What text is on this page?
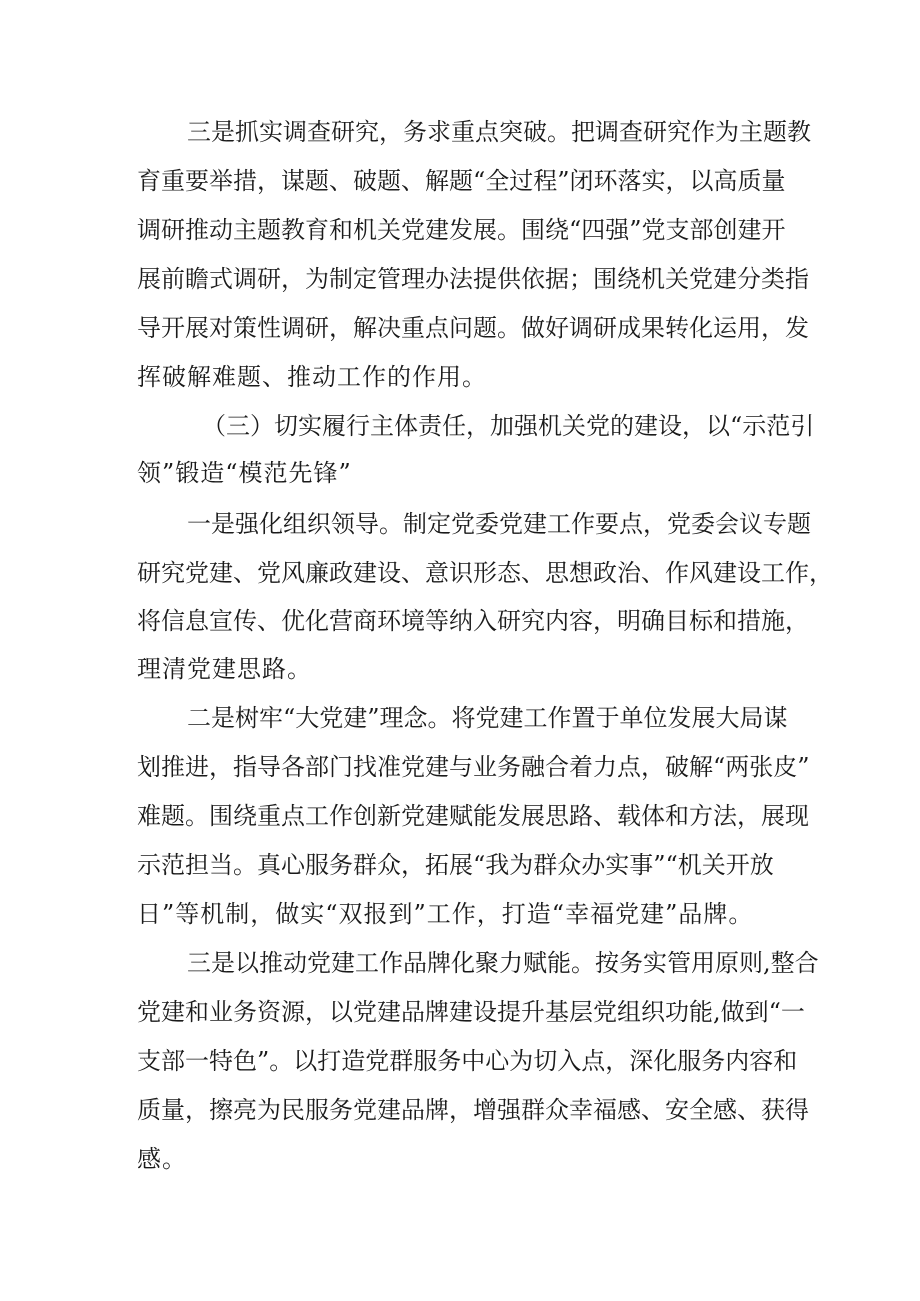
三是抓实调查研究，务求重点突破。把调查研究作为主题教
育重要举措，谋题、破题、解题“全过程”闭环落实，以高质量
调研推动主题教育和机关党建发展。围绕“四强”党支部创建开
展前瞻式调研，为制定管理办法提供依据；围绕机关党建分类指
导开展对策性调研，解决重点问题。做好调研成果转化运用，发
挥破解难题、推动工作的作用。
（三）切实履行主体责任，加强机关党的建设，以“示范引
领”锻造“模范先锋”
一是强化组织领导。制定党委党建工作要点，党委会议专题
研究党建、党风廉政建设、意识形态、思想政治、作风建设工作，
将信息宣传、优化营商环境等纳入研究内容，明确目标和措施，
理清党建思路。
二是树牢“大党建”理念。将党建工作置于单位发展大局谋
划推进，指导各部门找准党建与业务融合着力点，破解“两张皮”
难题。围绕重点工作创新党建赋能发展思路、载体和方法，展现
示范担当。真心服务群众，拓展“我为群众办实事”“机关开放
日”等机制，做实“双报到”工作，打造“幸福党建”品牌。
三是以推动党建工作品牌化聚力赋能。按务实管用原则,整合
党建和业务资源，以党建品牌建设提升基层党组织功能,做到“一
支部一特色”。以打造党群服务中心为切入点，深化服务内容和
质量，擦亮为民服务党建品牌，增强群众幸福感、安全感、获得
感。
